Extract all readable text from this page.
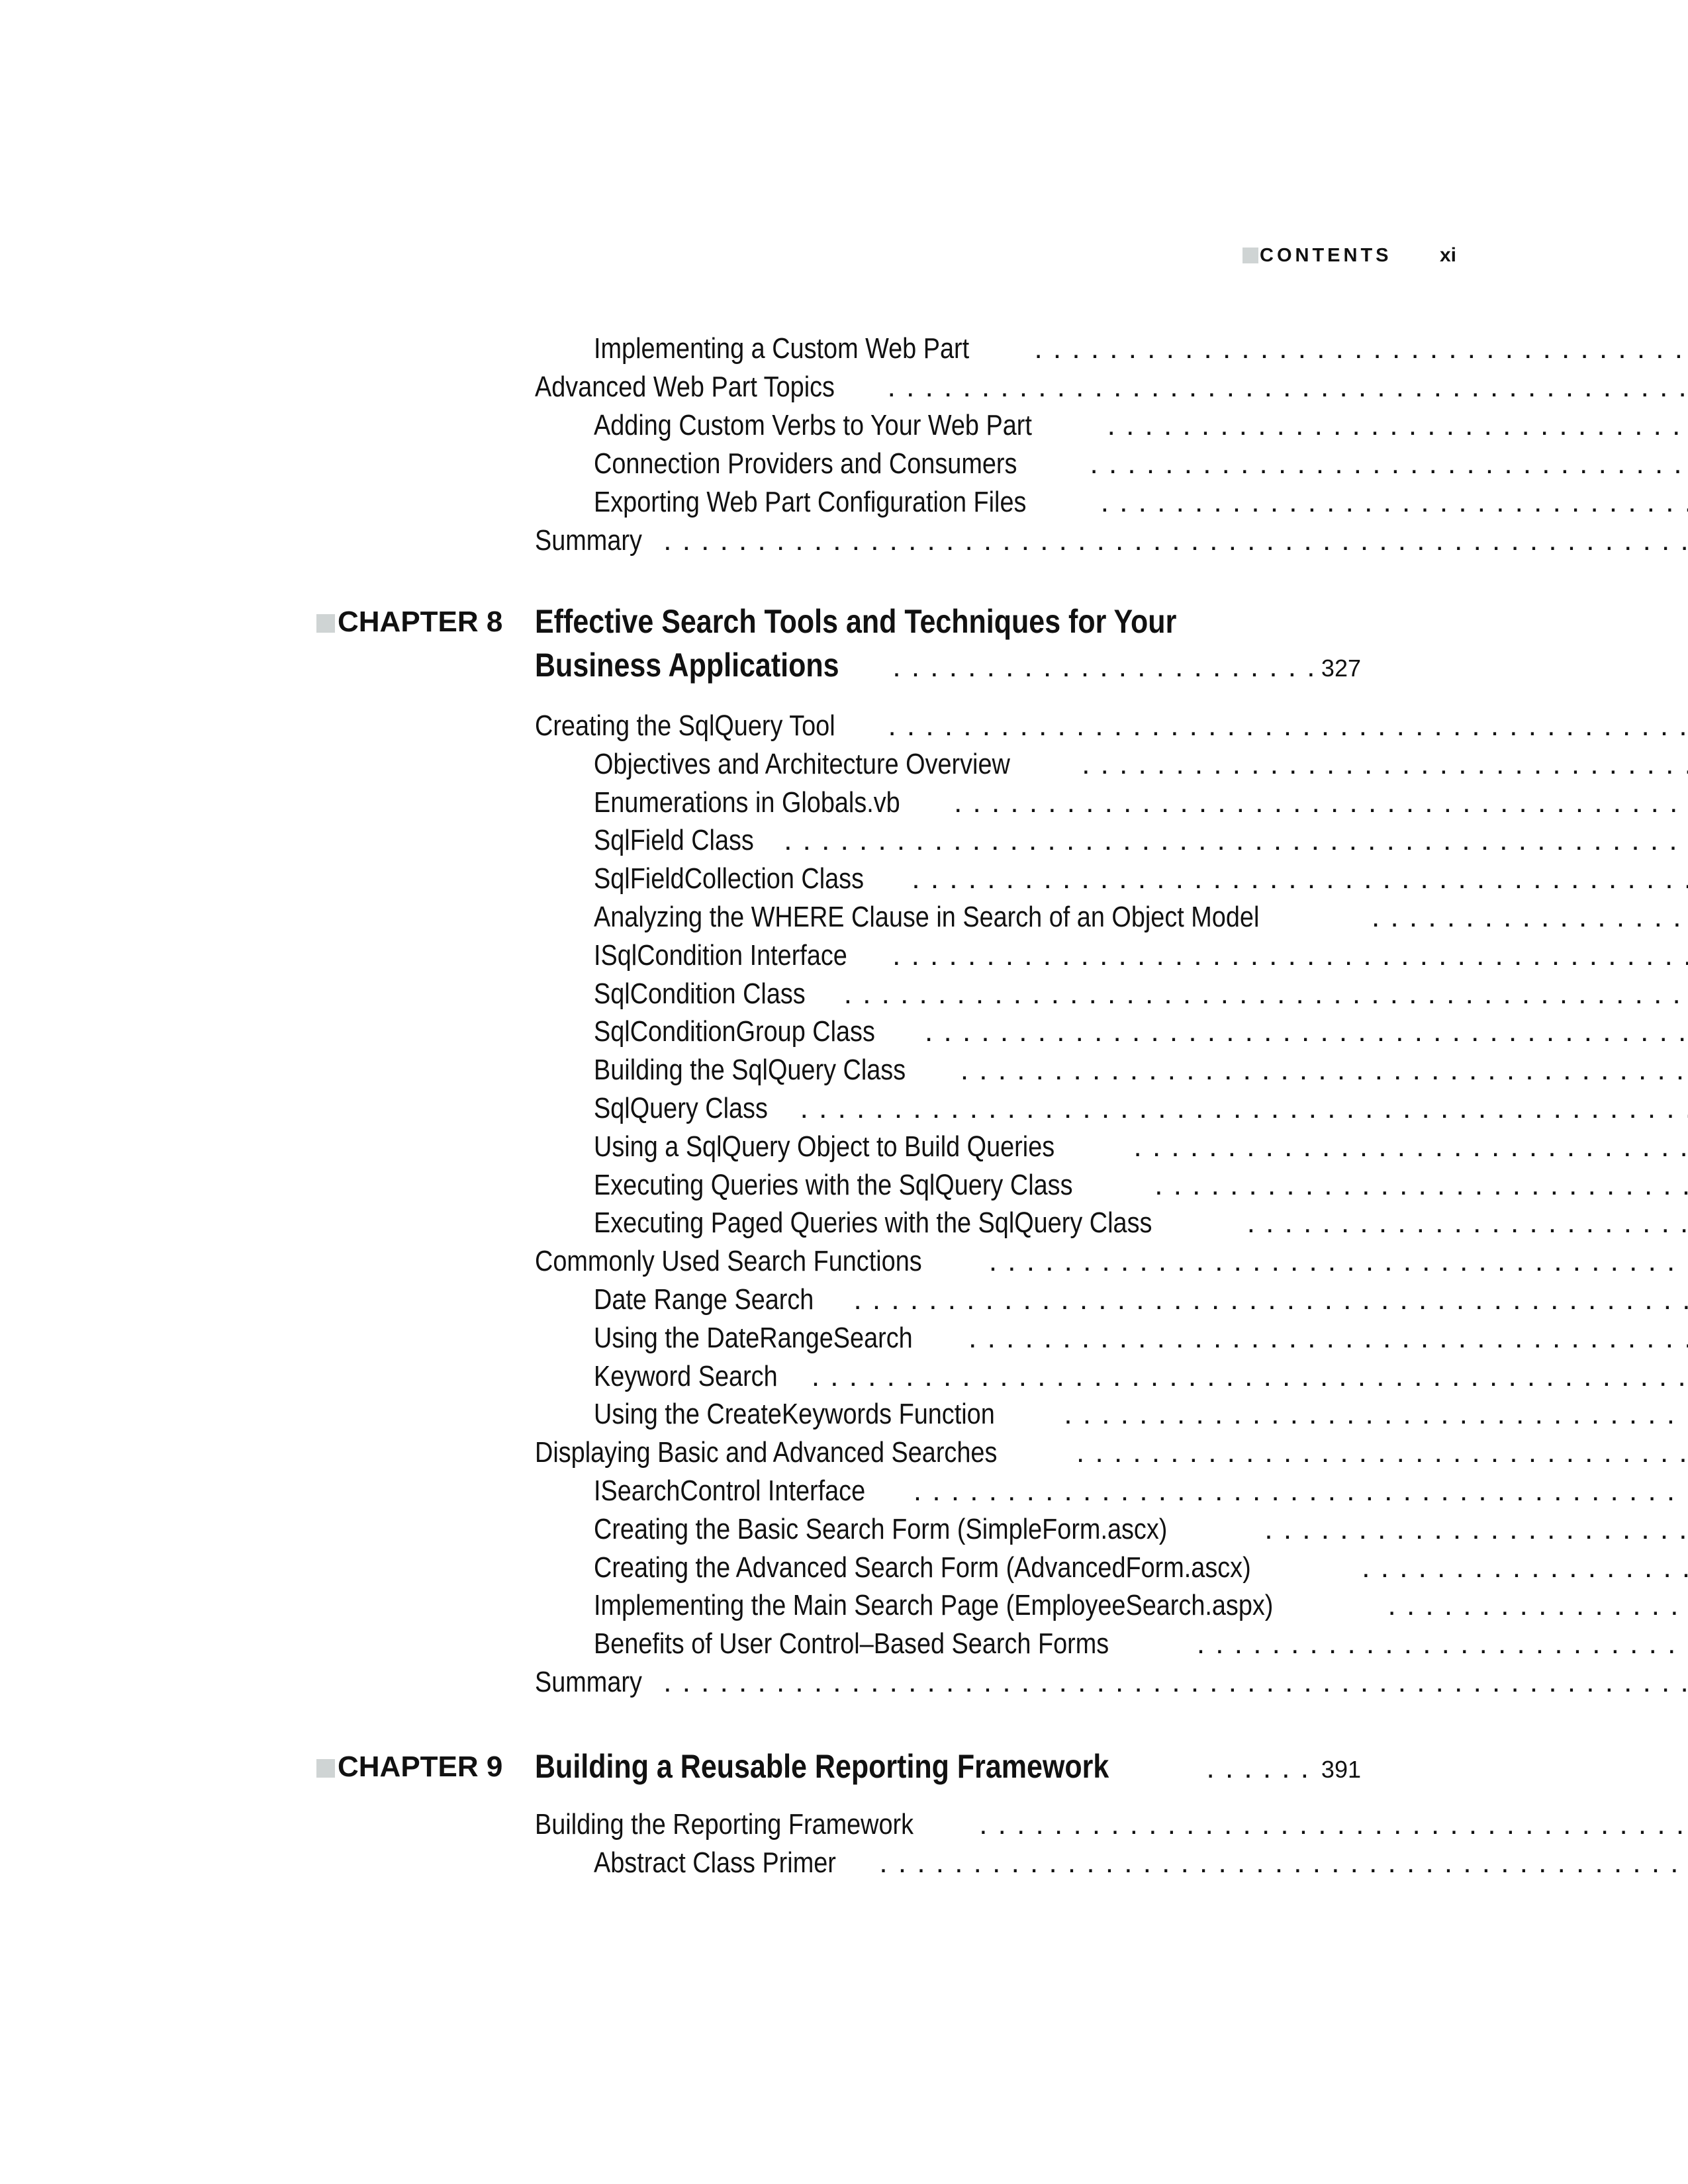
CONTENTS xi
Implementing a Custom Web Part
. . .
Advanced Web Part Topics
. . .
Adding Custom Verbs to Your Web Part
. . .
Connection Providers and Consumers
. . .
Exporting Web Part Configuration Files
. . .
Summary
. . .
CHAPTER 8 Effective Search Tools and Techniques for Your
Business Applications . . .	327
Creating the SqlQuery Tool
. . .
Objectives and Architecture Overview
. . .
Enumerations in Globals.vb
. . .
SqlField Class
. . .
SqlFieldCollection Class
. . .
Analyzing the WHERE Clause in Search of an Object Model
. . .
ISqlCondition Interface
. . .
SqlCondition Class
. . .
SqlConditionGroup Class
. . .
Building the SqlQuery Class
. . .
SqlQuery Class
. . .
Using a SqlQuery Object to Build Queries
. . .
Executing Queries with the SqlQuery Class
. . .
Executing Paged Queries with the SqlQuery Class
. . .
Commonly Used Search Functions
. . .
Date Range Search
. . .
Using the DateRangeSearch
. . .
Keyword Search
. . .
Using the CreateKeywords Function
. . .
Displaying Basic and Advanced Searches
. . .
ISearchControl Interface
. . .
Creating the Basic Search Form (SimpleForm.ascx)
. . .
Creating the Advanced Search Form (AdvancedForm.ascx)
. . .
Implementing the Main Search Page (EmployeeSearch.aspx)
. . .
Benefits of User Control–Based Search Forms
. . .
Summary
. . .
CHAPTER 9 Building a Reusable Reporting Framework . . .	391
Building the Reporting Framework
. . .
Abstract Class Primer
. . .
